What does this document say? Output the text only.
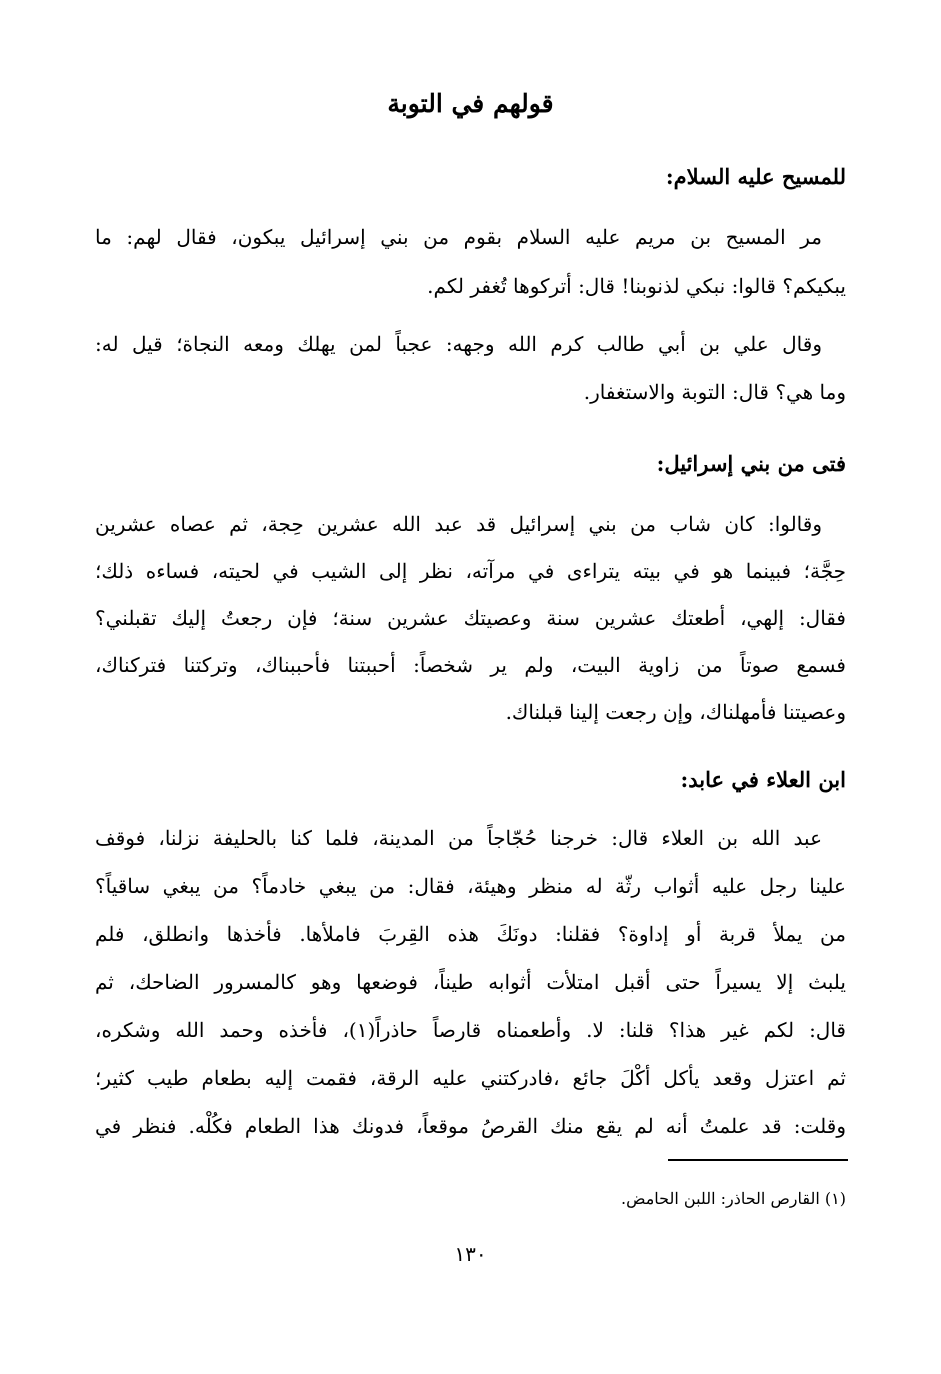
قولهم في التوبة
للمسيح عليه السلام:
مر المسيح بن مريم عليه السلام بقوم من بني إسرائيل يبكون، فقال لهم: ما
يبكيكم؟ قالوا: نبكي لذنوبنا! قال: أتركوها تُغفر لكم.
وقال علي بن أبي طالب كرم الله وجهه: عجباً لمن يهلك ومعه النجاة؛ قيل له:
وما هي؟ قال: التوبة والاستغفار.
فتى من بني إسرائيل:
وقالوا: كان شاب من بني إسرائيل قد عبد الله عشرين حِجة، ثم عصاه عشرين
حِجَّة؛ فبينما هو في بيته يتراءى في مرآته، نظر إلى الشيب في لحيته، فساءه ذلك؛
فقال: إلهي، أطعتك عشرين سنة وعصيتك عشرين سنة؛ فإن رجعتُ إليك تقبلني؟
فسمع صوتاً من زاوية البيت، ولم ير شخصاً: أحببتنا فأحببناك، وتركتنا فتركناك،
وعصيتنا فأمهلناك، وإن رجعت إلينا قبلناك.
ابن العلاء في عابد:
عبد الله بن العلاء قال: خرجنا حُجّاجاً من المدينة، فلما كنا بالحليفة نزلنا، فوقف
علينا رجل عليه أثواب رثّة له منظر وهيئة، فقال: من يبغي خادماً؟ من يبغي ساقياً؟
من يملأ قربة أو إداوة؟ فقلنا: دونَكَ هذه القِربَ فاملأها. فأخذها وانطلق، فلم
يلبث إلا يسيراً حتى أقبل امتلأت أثوابه طيناً، فوضعها وهو كالمسرور الضاحك، ثم
قال: لكم غير هذا؟ قلنا: لا. وأطعمناه قارصاً حاذراً(١)، فأخذه وحمد الله وشكره،
ثم اعتزل وقعد يأكل أكْلَ جائع ،فادركتني عليه الرقة، فقمت إليه بطعام طيب كثير؛
وقلت: قد علمتُ أنه لم يقع منك القرصُ موقعاً، فدونك هذا الطعام فكُلْه. فنظر في
(١) القارص الحاذر: اللبن الحامض.
١٣٠
